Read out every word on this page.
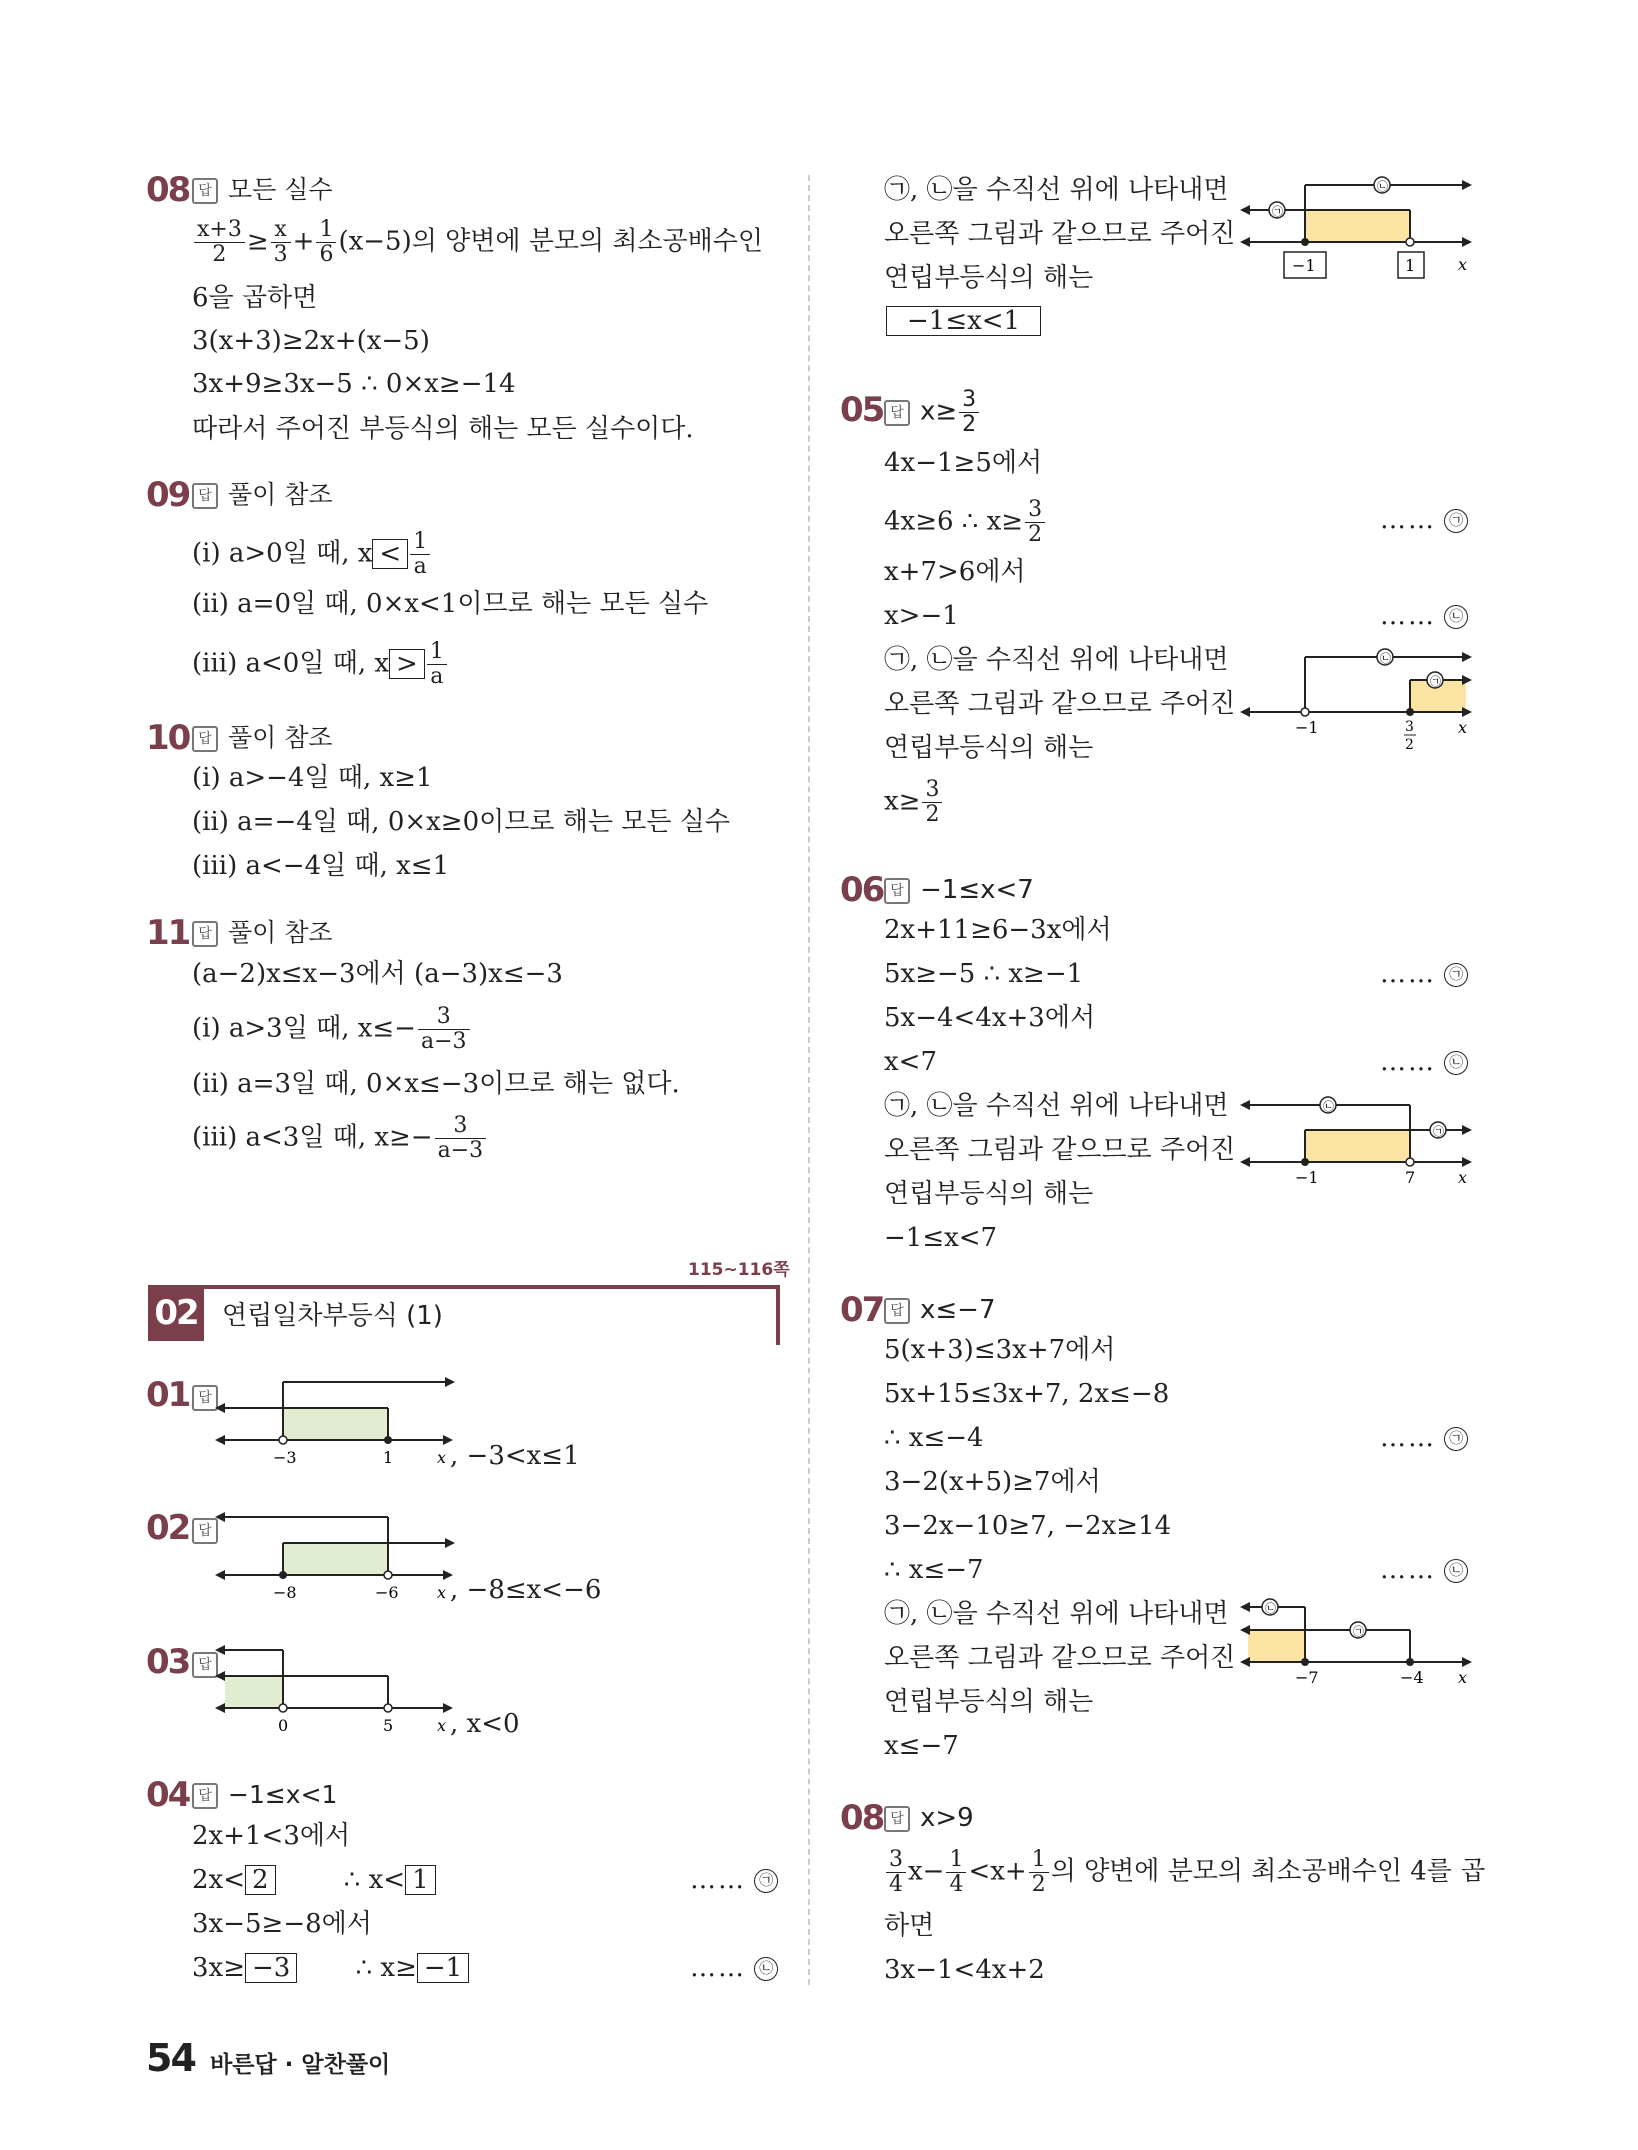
08 답 모든 실수
$\frac{x+3}{2} \ge \frac{x}{3} + \frac{1}{6} (x-5)$의 양변에 분모의 최소공배수인
6을 곱하면
3(x+3)≥2x+(x−5)
3x+9≥3x−5 ∴ 0×x≥−14
따라서 주어진 부등식의 해는 모든 실수이다.
09 답 풀이 참조
(ⅰ) a>0일 때, $x < \frac{1}{a}$
(ⅱ) a=0일 때, 0×x<1이므로 해는 모든 실수
(ⅲ) a<0일 때, $x > \frac{1}{a}$
10 답 풀이 참조
(ⅰ) a>−4일 때, x≥1
(ⅱ) a=−4일 때, 0×x≥0이므로 해는 모든 실수
(ⅲ) a<−4일 때, x≤1
11 답 풀이 참조
(a−2)x≤x−3에서 (a−3)x≤−3
(ⅰ) a>3일 때, $x\le- \frac{3}{a-3}$
(ⅱ) a=3일 때, 0×x≤−3이므로 해는 없다.
(ⅲ) a<3일 때, $x\ge- \frac{3}{a-3}$
115~116쪽
02 연립일차부등식 (1)
01 답
−3	1	x , −3<x≤1
02 답
−8	−6 x , −8≤x<−6
03 답
0	5	x , x<0
04 답 −1≤x<1
2x+1<3에서
2x< 2	∴ x< 1	…… ㉠
3x−5≥−8에서
3x≥ −3 ∴ x≥ −1	…… ㉡
㉠, ㉡을 수직선 위에 나타내면
오른쪽 그림과 같으므로 주어진
연립부등식의 해는
−1≤x<1
㉡
㉠
−1	1	x
05 답 $x\ge \frac{3}{2}$
4x−1≥5에서
4x≥6 ∴ $x\ge \frac{3}{2}$	…… ㉠
x+7>6에서
x>−1	…… ㉡
㉠, ㉡을 수직선 위에 나타내면
오른쪽 그림과 같으므로 주어진
연립부등식의 해는
$x\ge \frac{3}{2}$
㉡
㉠
−1	3
2
x
06 답 −1≤x<7
2x+11≥6−3x에서
5x≥−5 ∴ x≥−1	…… ㉠
5x−4<4x+3에서
x<7	…… ㉡
㉠, ㉡을 수직선 위에 나타내면
오른쪽 그림과 같으므로 주어진
연립부등식의 해는
−1≤x<7
㉡
㉠
−1	7	x
07 답 x≤−7
5(x+3)≤3x+7에서
5x+15≤3x+7, 2x≤−8
∴ x≤−4	…… ㉠
3−2(x+5)≥7에서
3−2x−10≥7, −2x≥14
∴ x≤−7	…… ㉡
㉠, ㉡을 수직선 위에 나타내면
오른쪽 그림과 같으므로 주어진
연립부등식의 해는
x≤−7
㉡
㉠
−7	−4 x
08 답 x>9
$\frac{3}{4} x- \frac{1}{4} <x+ \frac{1}{2}$ 의 양변에 분모의 최소공배수인 4를 곱
하면
3x−1<4x+2
54 바른답 · 알찬풀이
